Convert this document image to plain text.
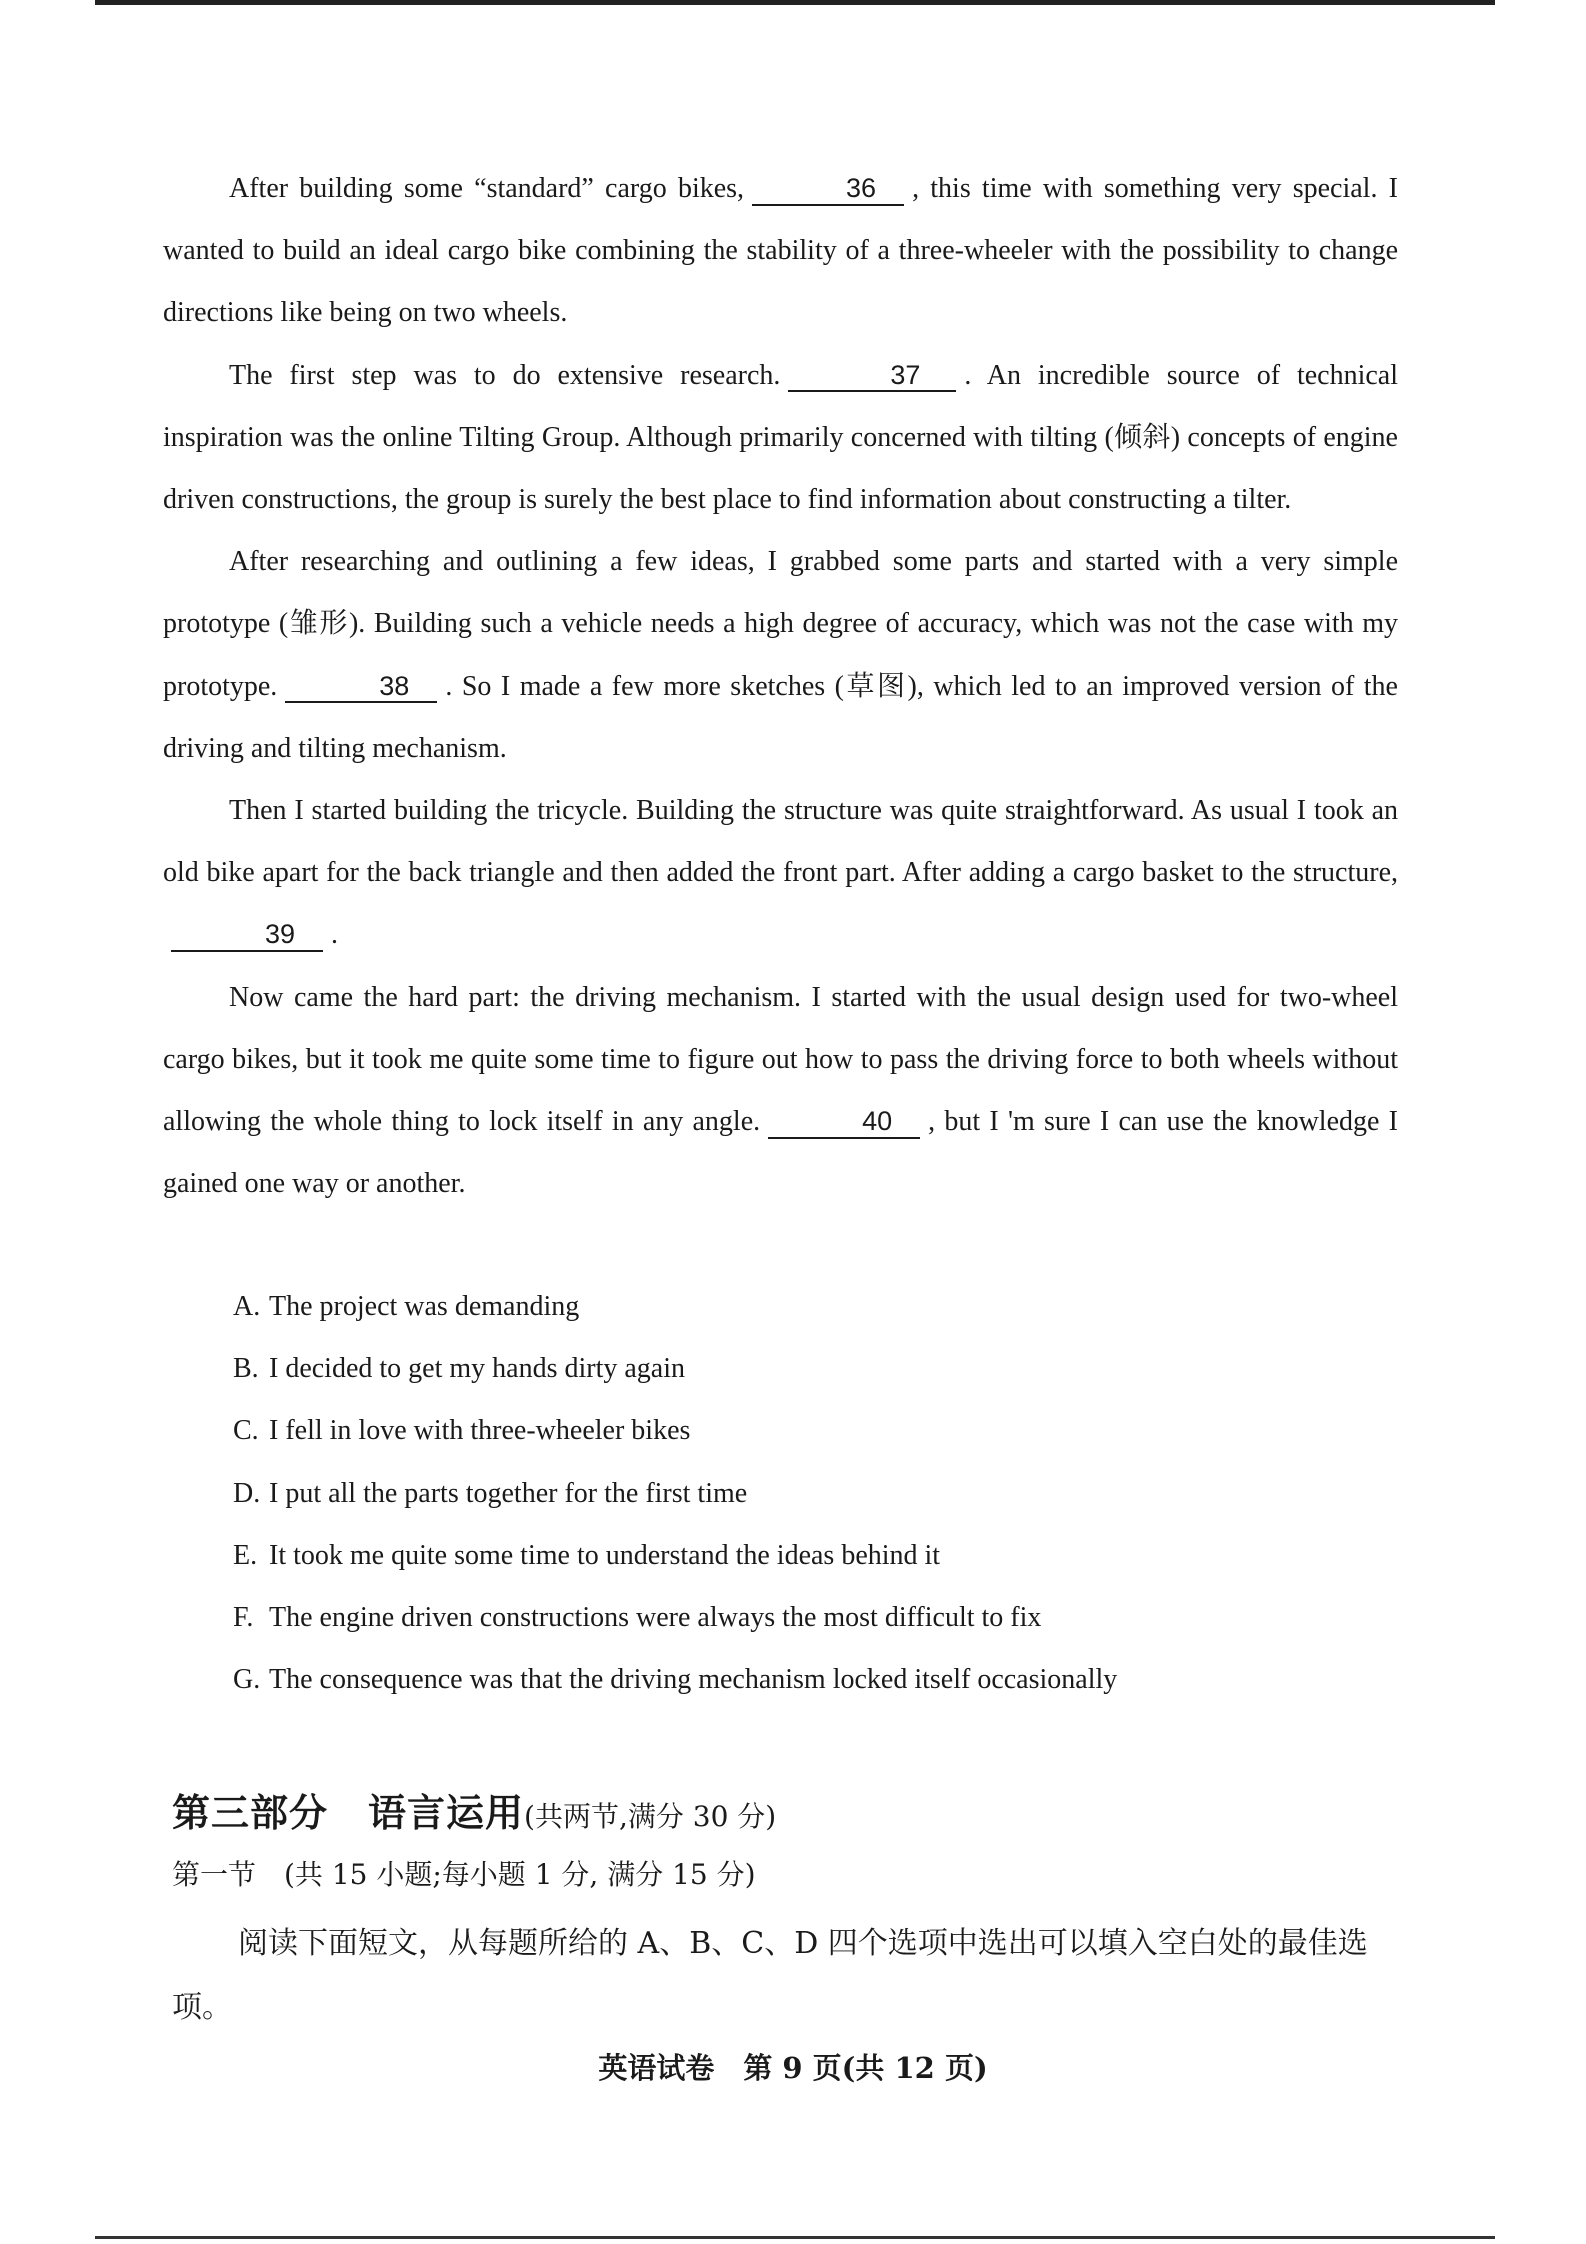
After building some “standard” cargo bikes,	36 , this time with something very special. I wanted to build an ideal cargo bike combining the stability of a three-wheeler with the possibility to change directions like being on two wheels.

The first step was to do extensive research.	37 . An incredible source of technical inspiration was the online Tilting Group. Although primarily concerned with tilting (倾斜) concepts of engine driven constructions, the group is surely the best place to find information about constructing a tilter.

After researching and outlining a few ideas, I grabbed some parts and started with a very simple prototype (雏形). Building such a vehicle needs a high degree of accuracy, which was not the case with my prototype.	38 . So I made a few more sketches (草图), which led to an improved version of the driving and tilting mechanism.

Then I started building the tricycle. Building the structure was quite straightforward. As usual I took an old bike apart for the back triangle and then added the front part. After adding a cargo basket to the structure,39 .

Now came the hard part: the driving mechanism. I started with the usual design used for two-wheel cargo bikes, but it took me quite some time to figure out how to pass the driving force to both wheels without allowing the whole thing to lock itself in any angle.	40 , but I 'm sure I can use the knowledge I gained one way or another.

A. The project was demanding
B. I decided to get my hands dirty again
C. I fell in love with three-wheeler bikes
D. I put all the parts together for the first time
E. It took me quite some time to understand the ideas behind it
F. The engine driven constructions were always the most difficult to fix
G. The consequence was that the driving mechanism locked itself occasionally
第三部分 语言运用(共两节,满分 30 分)
第一节　(共 15 小题;每小题 1 分, 满分 15 分)

阅读下面短文，从每题所给的 A、B、C、D 四个选项中选出可以填入空白处的最佳选项。

英语试卷　第 9 页(共 12 页)
